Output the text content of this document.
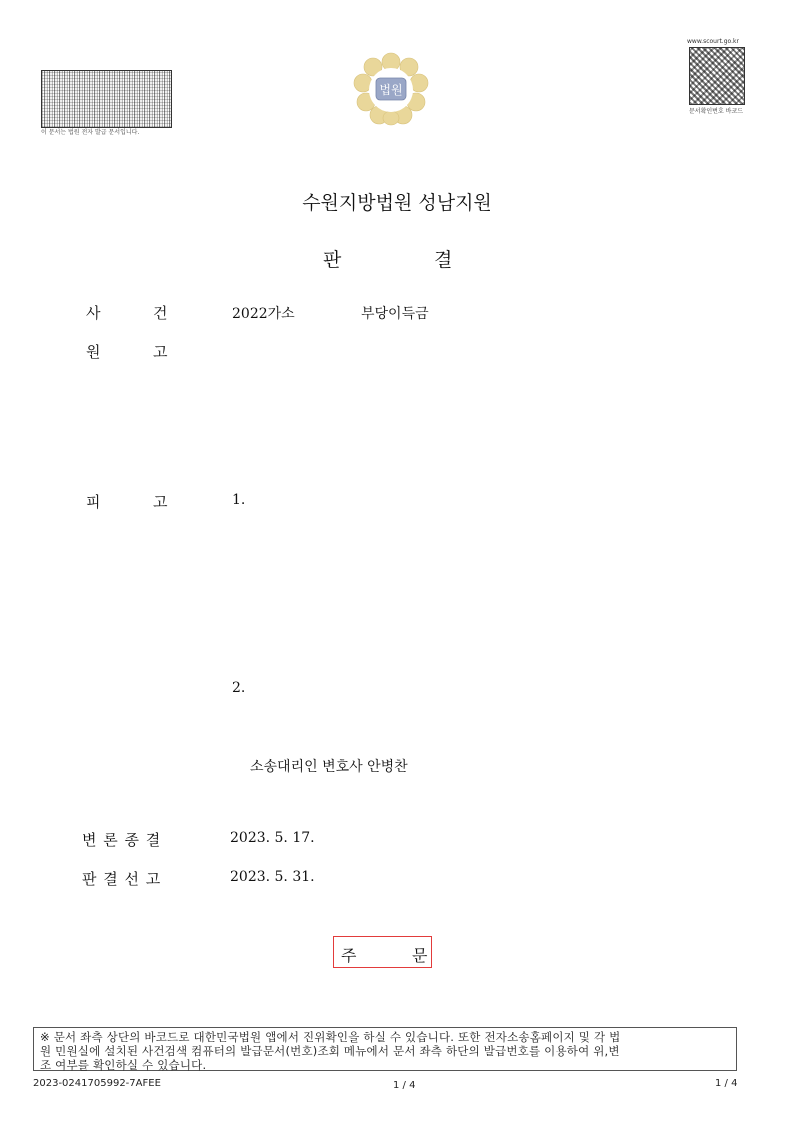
이 문서는 법원 전자 발급 문서입니다.
법원
www.scourt.go.kr
문서확인번호 바코드
수원지방법원 성남지원
판	결
사	건	2022가소	부당이득금
원	고
피	고	1.
2.
소송대리인 변호사 안병찬
변 론 종 결	2023. 5. 17.
판 결 선 고	2023. 5. 31.
주	문
※ 문서 좌측 상단의 바코드로 대한민국법원 앱에서 진위확인을 하실 수 있습니다. 또한 전자소송홈페이지 및 각 법
원 민원실에 설치된 사건검색 컴퓨터의 발급문서(번호)조회 메뉴에서 문서 좌측 하단의 발급번호를 이용하여 위,변
조 여부를 확인하실 수 있습니다.
2023-0241705992-7AFEE	1 / 4	1 / 4
